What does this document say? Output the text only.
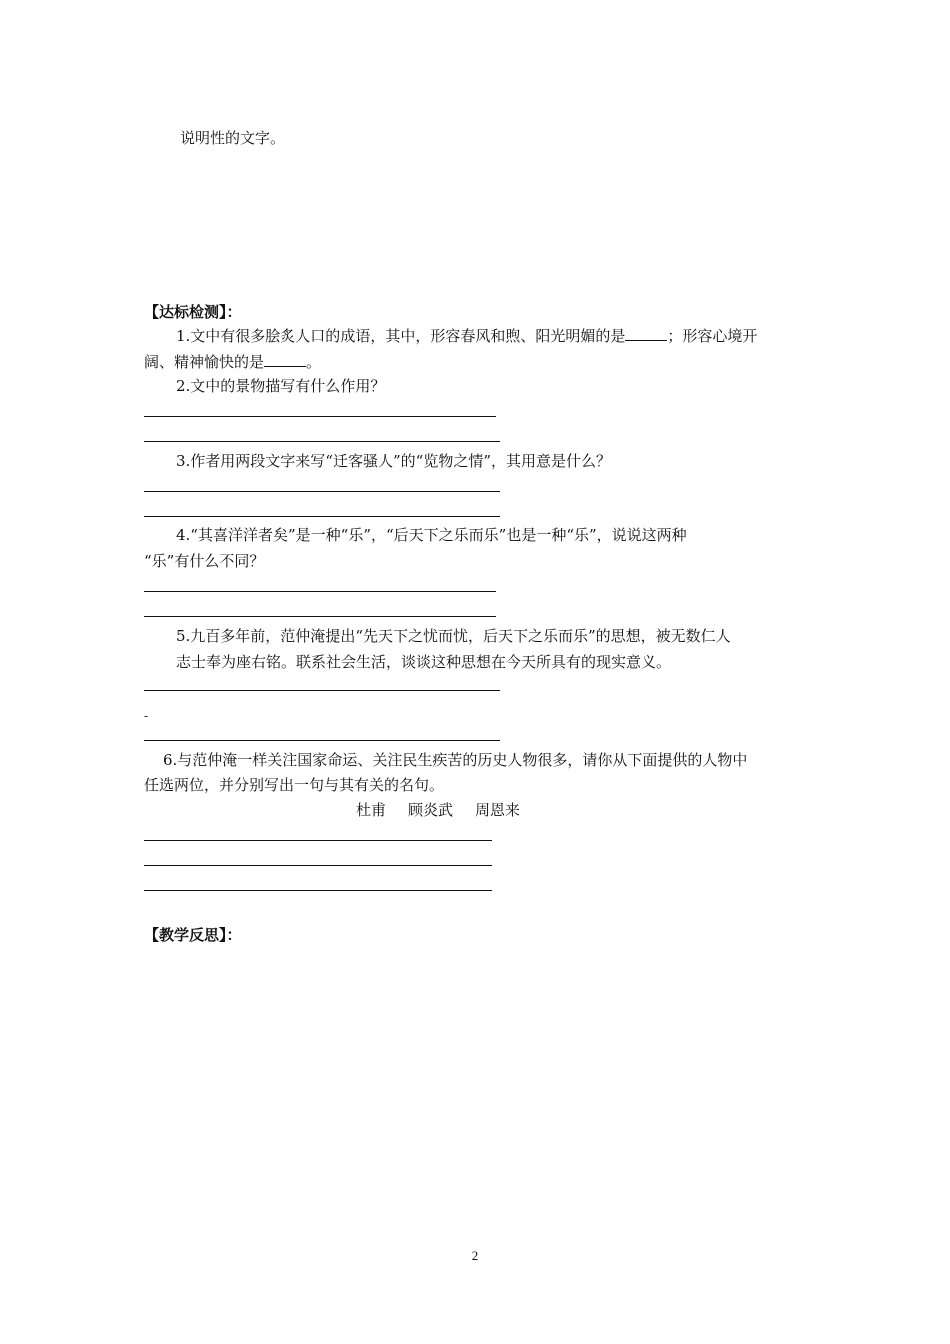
说明性的文字。
【达标检测】：
1.文中有很多脍炙人口的成语，其中，形容春风和煦、阳光明媚的是	；形容心境开
阔、精神愉快的是	。
2.文中的景物描写有什么作用？
3.作者用两段文字来写“迁客骚人”的“览物之情”，其用意是什么？
4.“其喜洋洋者矣”是一种“乐”，“后天下之乐而乐”也是一种“乐”，说说这两种
“乐”有什么不同？
5.九百多年前，范仲淹提出“先天下之忧而忧，后天下之乐而乐”的思想，被无数仁人
志士奉为座右铭。联系社会生活，谈谈这种思想在今天所具有的现实意义。
-
6.与范仲淹一样关注国家命运、关注民生疾苦的历史人物很多，请你从下面提供的人物中
任选两位，并分别写出一句与其有关的名句。
杜甫 顾炎武 周恩来
【教学反思】：
2
